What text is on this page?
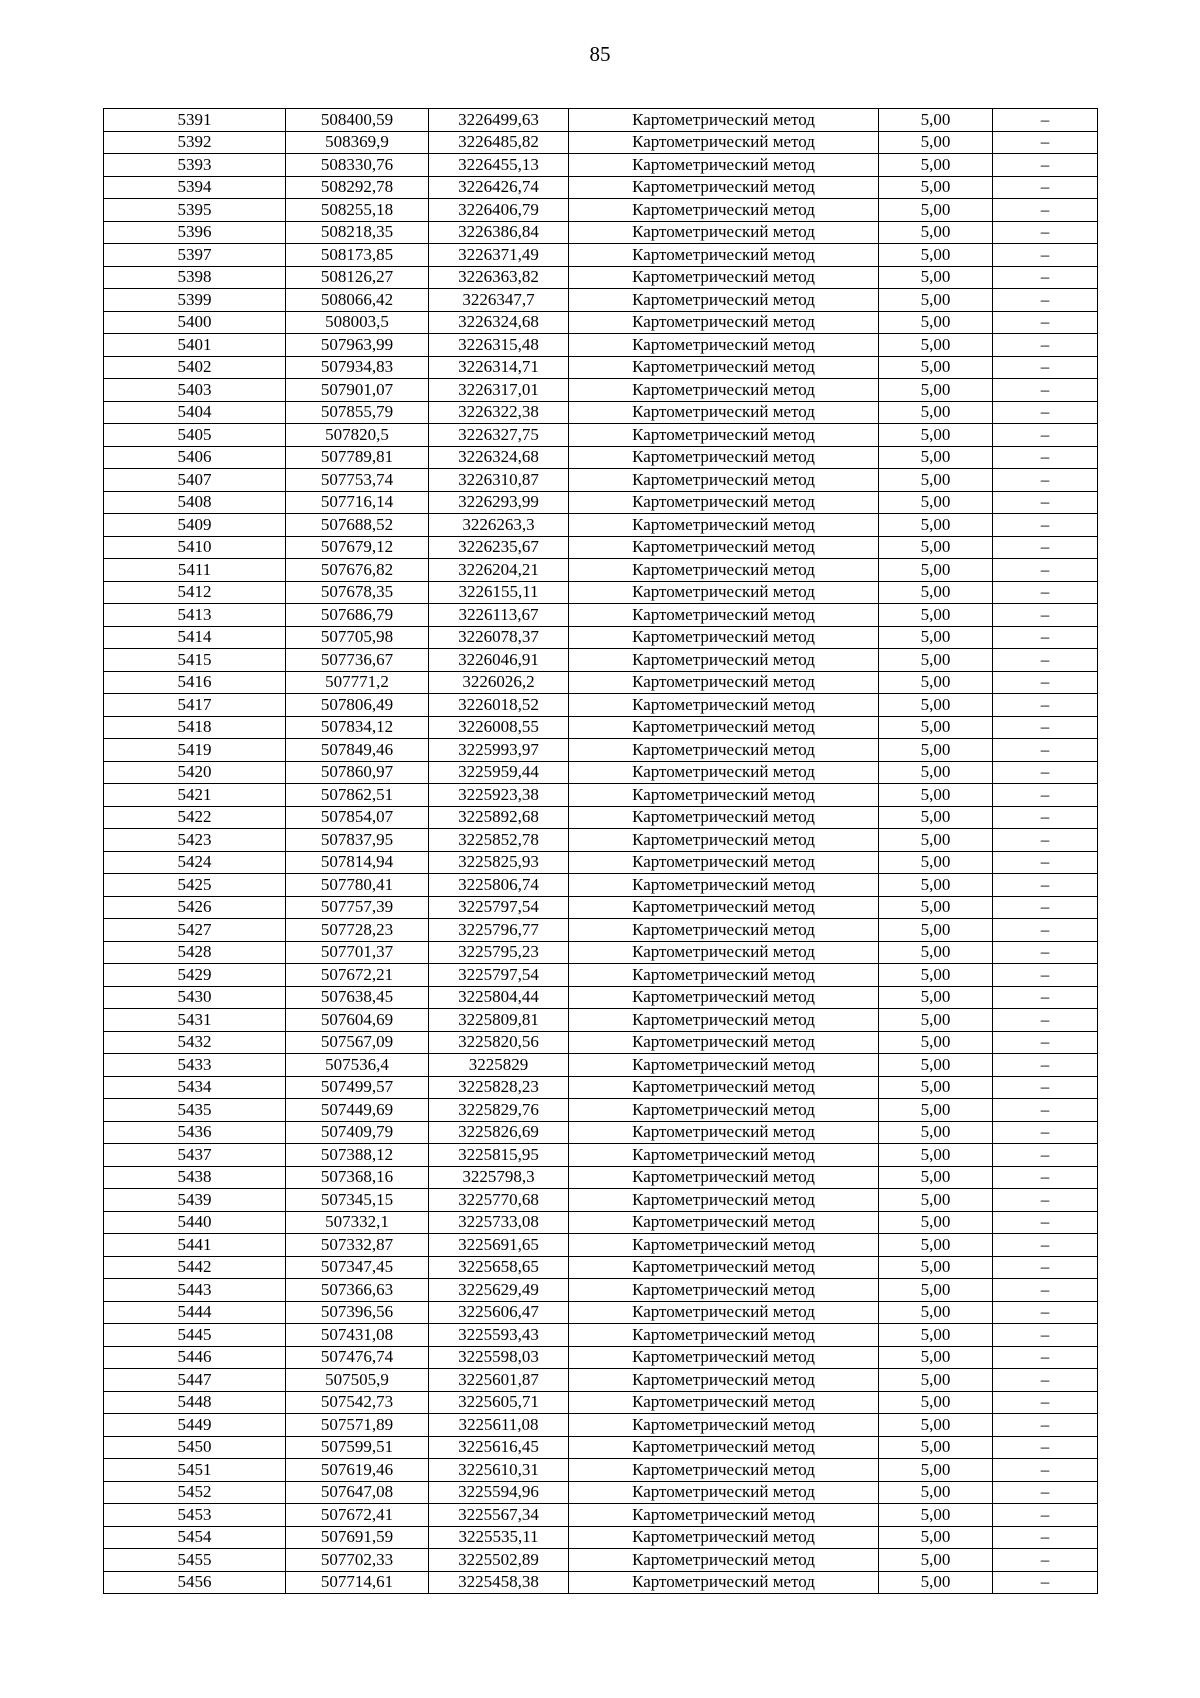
85
5391	508400,59	3226499,63	Картометрический метод	5,00	–
5392	508369,9	3226485,82	Картометрический метод	5,00	–
5393	508330,76	3226455,13	Картометрический метод	5,00	–
5394	508292,78	3226426,74	Картометрический метод	5,00	–
5395	508255,18	3226406,79	Картометрический метод	5,00	–
5396	508218,35	3226386,84	Картометрический метод	5,00	–
5397	508173,85	3226371,49	Картометрический метод	5,00	–
5398	508126,27	3226363,82	Картометрический метод	5,00	–
5399	508066,42	3226347,7	Картометрический метод	5,00	–
5400	508003,5	3226324,68	Картометрический метод	5,00	–
5401	507963,99	3226315,48	Картометрический метод	5,00	–
5402	507934,83	3226314,71	Картометрический метод	5,00	–
5403	507901,07	3226317,01	Картометрический метод	5,00	–
5404	507855,79	3226322,38	Картометрический метод	5,00	–
5405	507820,5	3226327,75	Картометрический метод	5,00	–
5406	507789,81	3226324,68	Картометрический метод	5,00	–
5407	507753,74	3226310,87	Картометрический метод	5,00	–
5408	507716,14	3226293,99	Картометрический метод	5,00	–
5409	507688,52	3226263,3	Картометрический метод	5,00	–
5410	507679,12	3226235,67	Картометрический метод	5,00	–
5411	507676,82	3226204,21	Картометрический метод	5,00	–
5412	507678,35	3226155,11	Картометрический метод	5,00	–
5413	507686,79	3226113,67	Картометрический метод	5,00	–
5414	507705,98	3226078,37	Картометрический метод	5,00	–
5415	507736,67	3226046,91	Картометрический метод	5,00	–
5416	507771,2	3226026,2	Картометрический метод	5,00	–
5417	507806,49	3226018,52	Картометрический метод	5,00	–
5418	507834,12	3226008,55	Картометрический метод	5,00	–
5419	507849,46	3225993,97	Картометрический метод	5,00	–
5420	507860,97	3225959,44	Картометрический метод	5,00	–
5421	507862,51	3225923,38	Картометрический метод	5,00	–
5422	507854,07	3225892,68	Картометрический метод	5,00	–
5423	507837,95	3225852,78	Картометрический метод	5,00	–
5424	507814,94	3225825,93	Картометрический метод	5,00	–
5425	507780,41	3225806,74	Картометрический метод	5,00	–
5426	507757,39	3225797,54	Картометрический метод	5,00	–
5427	507728,23	3225796,77	Картометрический метод	5,00	–
5428	507701,37	3225795,23	Картометрический метод	5,00	–
5429	507672,21	3225797,54	Картометрический метод	5,00	–
5430	507638,45	3225804,44	Картометрический метод	5,00	–
5431	507604,69	3225809,81	Картометрический метод	5,00	–
5432	507567,09	3225820,56	Картометрический метод	5,00	–
5433	507536,4	3225829	Картометрический метод	5,00	–
5434	507499,57	3225828,23	Картометрический метод	5,00	–
5435	507449,69	3225829,76	Картометрический метод	5,00	–
5436	507409,79	3225826,69	Картометрический метод	5,00	–
5437	507388,12	3225815,95	Картометрический метод	5,00	–
5438	507368,16	3225798,3	Картометрический метод	5,00	–
5439	507345,15	3225770,68	Картометрический метод	5,00	–
5440	507332,1	3225733,08	Картометрический метод	5,00	–
5441	507332,87	3225691,65	Картометрический метод	5,00	–
5442	507347,45	3225658,65	Картометрический метод	5,00	–
5443	507366,63	3225629,49	Картометрический метод	5,00	–
5444	507396,56	3225606,47	Картометрический метод	5,00	–
5445	507431,08	3225593,43	Картометрический метод	5,00	–
5446	507476,74	3225598,03	Картометрический метод	5,00	–
5447	507505,9	3225601,87	Картометрический метод	5,00	–
5448	507542,73	3225605,71	Картометрический метод	5,00	–
5449	507571,89	3225611,08	Картометрический метод	5,00	–
5450	507599,51	3225616,45	Картометрический метод	5,00	–
5451	507619,46	3225610,31	Картометрический метод	5,00	–
5452	507647,08	3225594,96	Картометрический метод	5,00	–
5453	507672,41	3225567,34	Картометрический метод	5,00	–
5454	507691,59	3225535,11	Картометрический метод	5,00	–
5455	507702,33	3225502,89	Картометрический метод	5,00	–
5456	507714,61	3225458,38	Картометрический метод	5,00	–
